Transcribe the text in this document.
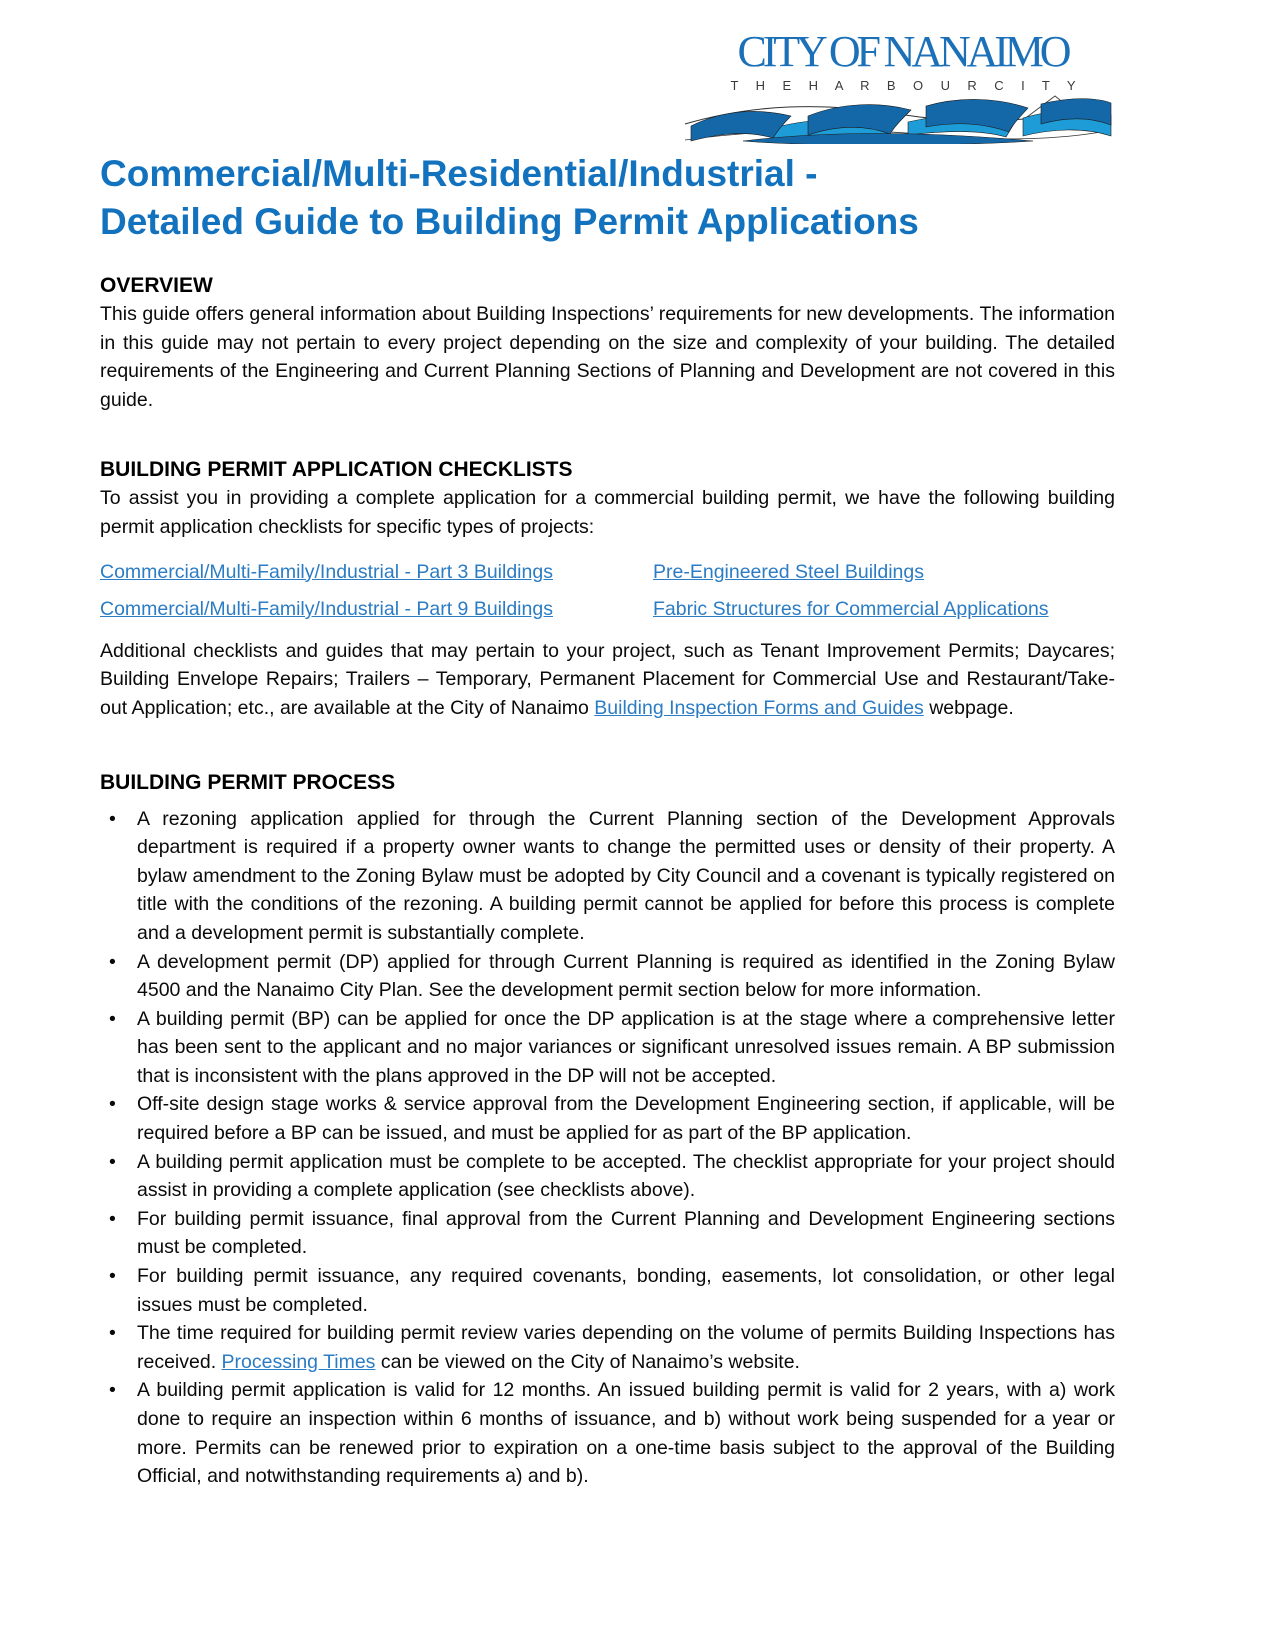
CITY OF NANAIMO
T H E H A R B O U R C I T Y
Commercial/Multi-Residential/Industrial -
Detailed Guide to Building Permit Applications
OVERVIEW

This guide offers general information about Building Inspections’ requirements for new developments. The information in this guide may not pertain to every project depending on the size and complexity of your building. The detailed requirements of the Engineering and Current Planning Sections of Planning and Development are not covered in this guide.

BUILDING PERMIT APPLICATION CHECKLISTS

To assist you in providing a complete application for a commercial building permit, we have the following building permit application checklists for specific types of projects:

Commercial/Multi-Family/Industrial - Part 3 Buildings	Pre-Engineered Steel Buildings
Commercial/Multi-Family/Industrial - Part 9 Buildings	Fabric Structures for Commercial Applications

Additional checklists and guides that may pertain to your project, such as Tenant Improvement Permits; Daycares; Building Envelope Repairs; Trailers – Temporary, Permanent Placement for Commercial Use and Restaurant/Take-out Application; etc., are available at the City of Nanaimo Building Inspection Forms and Guides webpage.

BUILDING PERMIT PROCESS
• A rezoning application applied for through the Current Planning section of the Development Approvals department is required if a property owner wants to change the permitted uses or density of their property. A bylaw amendment to the Zoning Bylaw must be adopted by City Council and a covenant is typically registered on title with the conditions of the rezoning. A building permit cannot be applied for before this process is complete and a development permit is substantially complete.
• A development permit (DP) applied for through Current Planning is required as identified in the Zoning Bylaw 4500 and the Nanaimo City Plan. See the development permit section below for more information.
• A building permit (BP) can be applied for once the DP application is at the stage where a comprehensive letter has been sent to the applicant and no major variances or significant unresolved issues remain. A BP submission that is inconsistent with the plans approved in the DP will not be accepted.
• Off-site design stage works & service approval from the Development Engineering section, if applicable, will be required before a BP can be issued, and must be applied for as part of the BP application.
• A building permit application must be complete to be accepted. The checklist appropriate for your project should assist in providing a complete application (see checklists above).
• For building permit issuance, final approval from the Current Planning and Development Engineering sections must be completed.
• For building permit issuance, any required covenants, bonding, easements, lot consolidation, or other legal issues must be completed.
• The time required for building permit review varies depending on the volume of permits Building Inspections has received. Processing Times can be viewed on the City of Nanaimo’s website.
• A building permit application is valid for 12 months. An issued building permit is valid for 2 years, with a) work done to require an inspection within 6 months of issuance, and b) without work being suspended for a year or more. Permits can be renewed prior to expiration on a one-time basis subject to the approval of the Building Official, and notwithstanding requirements a) and b).
